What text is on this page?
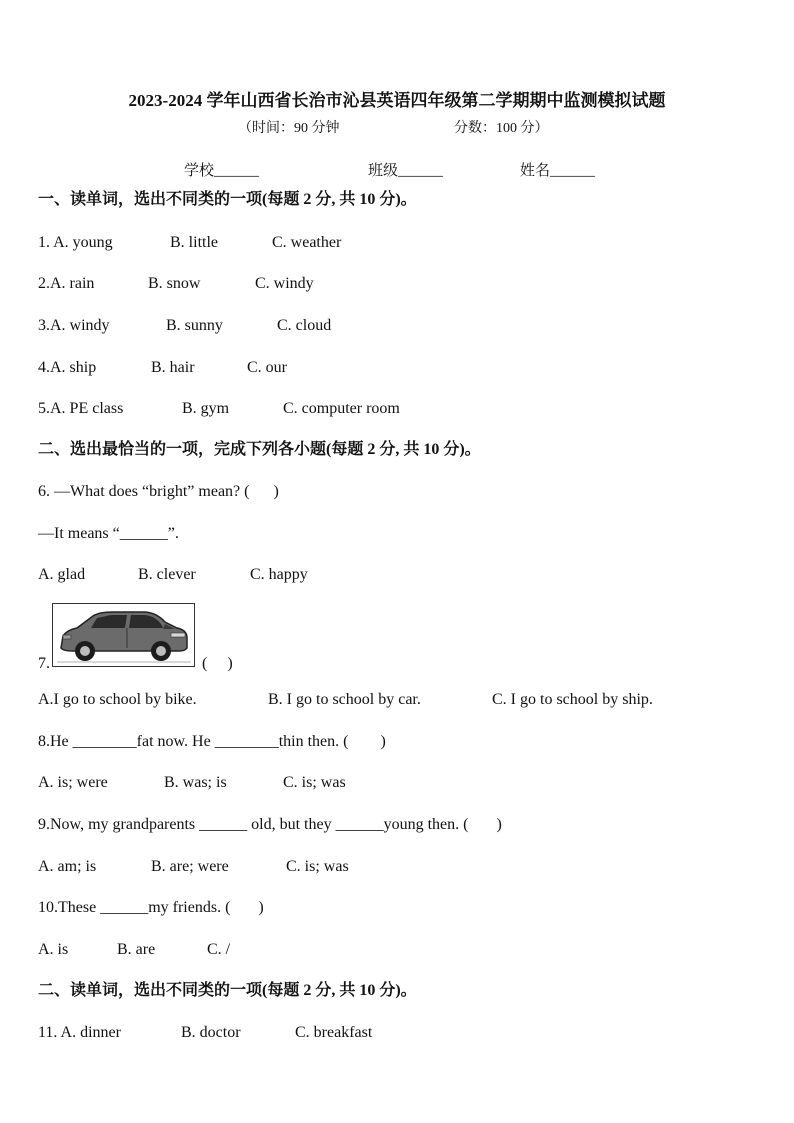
2023-2024 学年山西省长治市沁县英语四年级第二学期期中监测模拟试题
（时间：90 分钟	分数：100 分）
学校______	班级______	姓名______
一、读单词，选出不同类的一项(每题 2 分, 共 10 分)。
1. A. young	B. little	C. weather
2.A. rain	B. snow	C. windy
3.A. windy	B. sunny	C. cloud
4.A. ship	B. hair	C. our
5.A. PE class	B. gym	C. computer room
二、选出最恰当的一项，完成下列各小题(每题 2 分, 共 10 分)。
6. —What does “bright” mean? (      )
—It means “______”.
A. glad	B. clever	C. happy
7.	(     )
A.I go to school by bike.	B. I go to school by car.	C. I go to school by ship.
8.He ________fat now. He ________thin then. (        )
A. is; were	B. was; is	C. is; was
9.Now, my grandparents ______ old, but they ______young then. (       )
A. am; is	B. are; were	C. is; was
10.These ______my friends. (       )
A. is	B. are	C. /
二、读单词，选出不同类的一项(每题 2 分, 共 10 分)。
11. A. dinner	B. doctor	C. breakfast
